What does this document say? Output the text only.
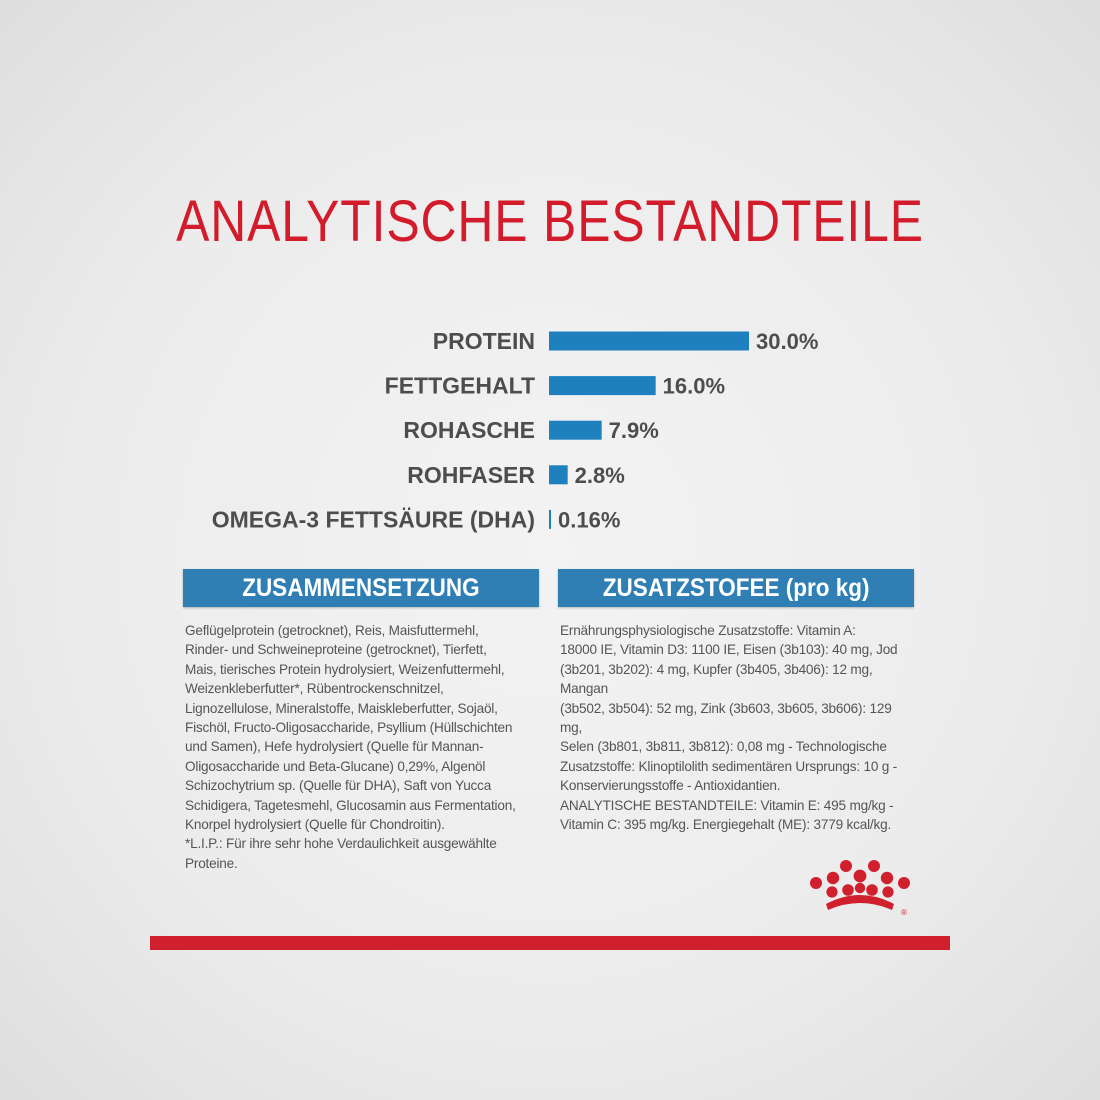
ANALYTISCHE BESTANDTEILE
PROTEIN	30.0%
FETTGEHALT	16.0%
ROHASCHE	7.9%
ROHFASER 2.8%
OMEGA-3 FETTSÄURE (DHA) 0.16%
ZUSAMMENSETZUNG	ZUSATZSTOFEE (pro kg)
Geflügelprotein (getrocknet), Reis, Maisfuttermehl,
Rinder- und Schweineproteine (getrocknet), Tierfett,
Mais, tierisches Protein hydrolysiert, Weizenfuttermehl,
Weizenkleberfutter*, Rübentrockenschnitzel,
Lignozellulose, Mineralstoffe, Maiskleberfutter, Sojaöl,
Fischöl, Fructo-Oligosaccharide, Psyllium (Hüllschichten
und Samen), Hefe hydrolysiert (Quelle für Mannan-
Oligosaccharide und Beta-Glucane) 0,29%, Algenöl
Schizochytrium sp. (Quelle für DHA), Saft von Yucca
Schidigera, Tagetesmehl, Glucosamin aus Fermentation,
Knorpel hydrolysiert (Quelle für Chondroitin).
*L.I.P.: Für ihre sehr hohe Verdaulichkeit ausgewählte
Proteine.
Ernährungsphysiologische Zusatzstoffe: Vitamin A:
18000 IE, Vitamin D3: 1100 IE, Eisen (3b103): 40 mg, Jod
(3b201, 3b202): 4 mg, Kupfer (3b405, 3b406): 12 mg, Mangan
(3b502, 3b504): 52 mg, Zink (3b603, 3b605, 3b606): 129 mg,
Selen (3b801, 3b811, 3b812): 0,08 mg - Technologische
Zusatzstoffe: Klinoptilolith sedimentären Ursprungs: 10 g -
Konservierungsstoffe - Antioxidantien.
ANALYTISCHE BESTANDTEILE: Vitamin E: 495 mg/kg -
Vitamin C: 395 mg/kg. Energiegehalt (ME): 3779 kcal/kg.
®
